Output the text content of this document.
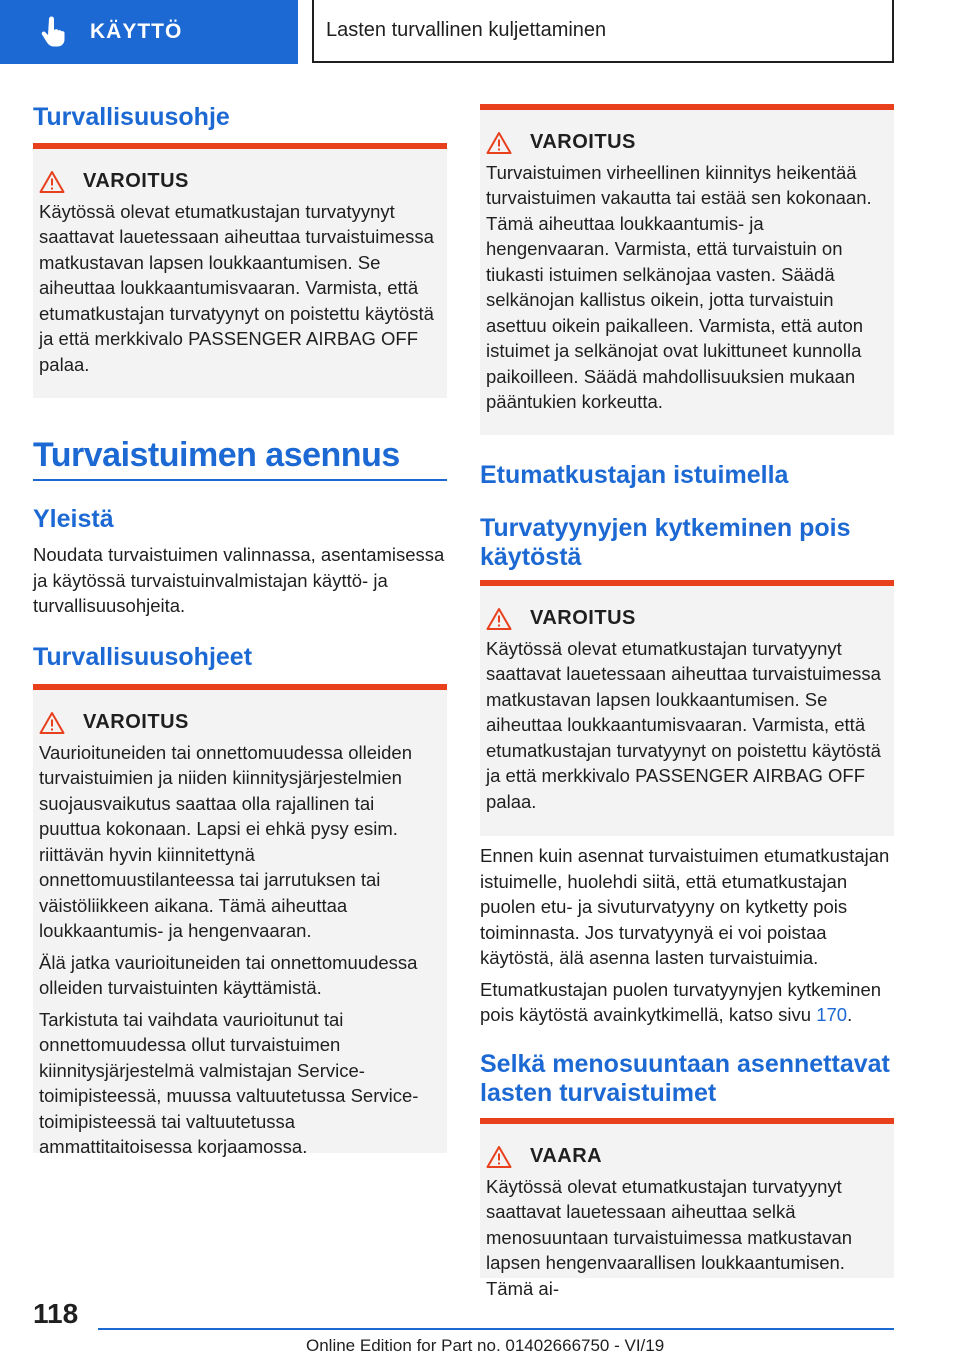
KÄYTTÖ	Lasten turvallinen kuljettaminen
Turvallisuusohje
VAROITUS

Käytössä olevat etumatkustajan turvatyynyt saattavat lauetessaan aiheuttaa turvaistuimessa matkustavan lapsen loukkaantumisen. Se aiheuttaa loukkaantumisvaaran. Varmista, että etumatkustajan turvatyynyt on poistettu käytöstä ja että merkkivalo PASSENGER AIRBAG OFF palaa.

Turvaistuimen asennus
Yleistä

Noudata turvaistuimen valinnassa, asentamisessa ja käytössä turvaistuinvalmistajan käyttö- ja turvallisuusohjeita.

Turvallisuusohjeet
VAROITUS

Vaurioituneiden tai onnettomuudessa olleiden turvaistuimien ja niiden kiinnitysjärjestelmien suojausvaikutus saattaa olla rajallinen tai puuttua kokonaan. Lapsi ei ehkä pysy esim. riittävän hyvin kiinnitettynä onnettomuustilanteessa tai jarrutuksen tai väistöliikkeen aikana. Tämä aiheuttaa loukkaantumis- ja hengenvaaran.

Älä jatka vaurioituneiden tai onnettomuudessa olleiden turvaistuinten käyttämistä.

Tarkistuta tai vaihdata vaurioitunut tai onnettomuudessa ollut turvaistuimen kiinnitysjärjestelmä valmistajan Service-toimipisteessä, muussa valtuutetussa Service-toimipisteessä tai valtuutetussa ammattitaitoisessa korjaamossa.

VAROITUS

Turvaistuimen virheellinen kiinnitys heikentää turvaistuimen vakautta tai estää sen kokonaan. Tämä aiheuttaa loukkaantumis- ja hengenvaaran. Varmista, että turvaistuin on tiukasti istuimen selkänojaa vasten. Säädä selkänojan kallistus oikein, jotta turvaistuin asettuu oikein paikalleen. Varmista, että auton istuimet ja selkänojat ovat lukittuneet kunnolla paikoilleen. Säädä mahdollisuuksien mukaan pääntukien korkeutta.

Etumatkustajan istuimella
Turvatyynyjen kytkeminen pois käytöstä
VAROITUS

Käytössä olevat etumatkustajan turvatyynyt saattavat lauetessaan aiheuttaa turvaistuimessa matkustavan lapsen loukkaantumisen. Se aiheuttaa loukkaantumisvaaran. Varmista, että etumatkustajan turvatyynyt on poistettu käytöstä ja että merkkivalo PASSENGER AIRBAG OFF palaa.

Ennen kuin asennat turvaistuimen etumatkustajan istuimelle, huolehdi siitä, että etumatkustajan puolen etu- ja sivuturvatyyny on kytketty pois toiminnasta. Jos turvatyynyä ei voi poistaa käytöstä, älä asenna lasten turvaistuimia.

Etumatkustajan puolen turvatyynyjen kytkeminen pois käytöstä avainkytkimellä, katso sivu 170.

Selkä menosuuntaan asennettavat lasten turvaistuimet
VAARA

Käytössä olevat etumatkustajan turvatyynyt saattavat lauetessaan aiheuttaa selkä menosuuntaan turvaistuimessa matkustavan lapsen hengenvaarallisen loukkaantumisen. Tämä ai-

118
Online Edition for Part no. 01402666750 - VI/19
